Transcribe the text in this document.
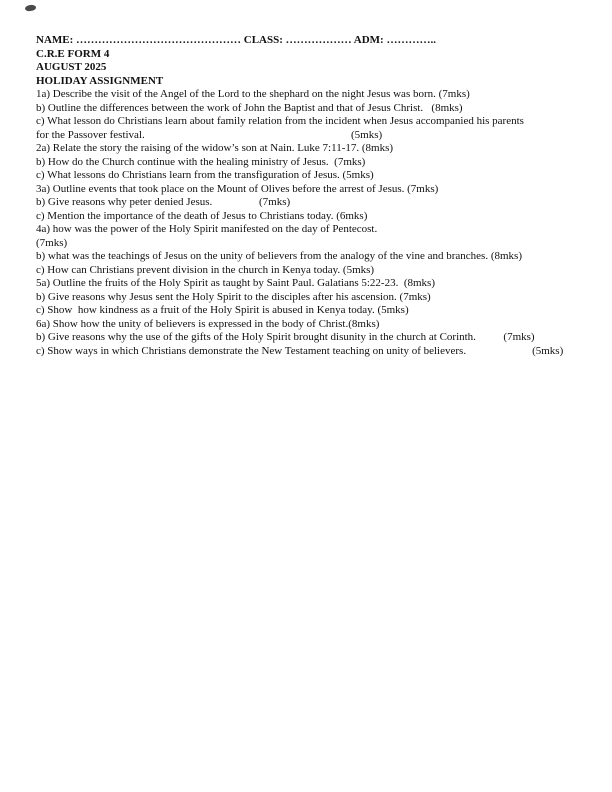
NAME: ……………………………………… CLASS: ……………… ADM: …………..

C.R.E FORM 4

AUGUST 2025

HOLIDAY ASSIGNMENT

1a) Describe the visit of the Angel of the Lord to the shephard on the night Jesus was born. (7mks)

b) Outline the differences between the work of John the Baptist and that of Jesus Christ.   (8mks)

c) What lesson do Christians learn about family relation from the incident when Jesus accompanied his parents

for the Passover festival.                                                                           (5mks)

2a) Relate the story the raising of the widow’s son at Nain. Luke 7:11-17. (8mks)

b) How do the Church continue with the healing ministry of Jesus.  (7mks)

c) What lessons do Christians learn from the transfiguration of Jesus. (5mks)

3a) Outline events that took place on the Mount of Olives before the arrest of Jesus. (7mks)

b) Give reasons why peter denied Jesus.                 (7mks)

c) Mention the importance of the death of Jesus to Christians today. (6mks)

4a) how was the power of the Holy Spirit manifested on the day of Pentecost.

(7mks)

b) what was the teachings of Jesus on the unity of believers from the analogy of the vine and branches. (8mks)

c) How can Christians prevent division in the church in Kenya today. (5mks)

5a) Outline the fruits of the Holy Spirit as taught by Saint Paul. Galatians 5:22-23.  (8mks)

b) Give reasons why Jesus sent the Holy Spirit to the disciples after his ascension. (7mks)

c) Show  how kindness as a fruit of the Holy Spirit is abused in Kenya today. (5mks)

6a) Show how the unity of believers is expressed in the body of Christ.(8mks)

b) Give reasons why the use of the gifts of the Holy Spirit brought disunity in the church at Corinth.          (7mks)

c) Show ways in which Christians demonstrate the New Testament teaching on unity of believers.                        (5mks)
